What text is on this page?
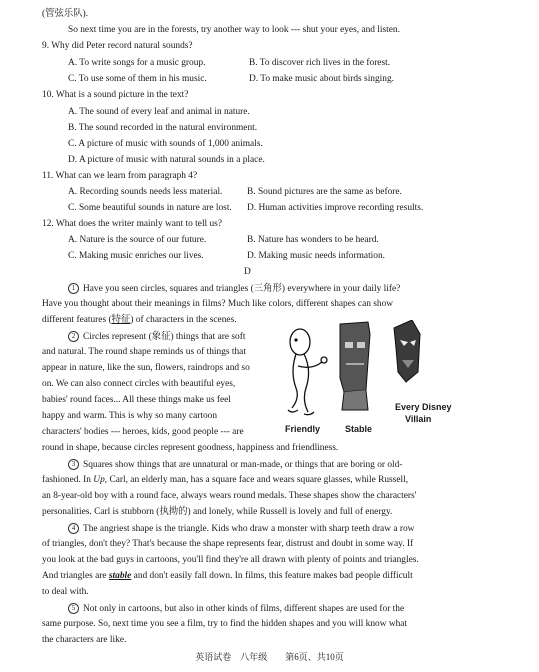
(管弦乐队).
So next time you are in the forests, try another way to look --- shut your eyes, and listen.
9. Why did Peter record natural sounds?
A. To write songs for a music group.	B. To discover rich lives in the forest.
C. To use some of them in his music.	D. To make music about birds singing.
10. What is a sound picture in the text?
A. The sound of every leaf and animal in nature.
B. The sound recorded in the natural environment.
C. A picture of music with sounds of 1,000 animals.
D. A picture of music with natural sounds in a place.
11. What can we learn from paragraph 4?
A. Recording sounds needs less material.	B. Sound pictures are the same as before.
C. Some beautiful sounds in nature are lost. D. Human activities improve recording results.
12. What does the writer mainly want to tell us?
A. Nature is the source of our future.	B. Nature has wonders to be heard.
C. Making music enriches our lives.	D. Making music needs information.
D
1 Have you seen circles, squares and triangles (三角形) everywhere in your daily life?
Have you thought about their meanings in films? Much like colors, different shapes can show
different features (特征) of characters in the scenes.
2 Circles represent (象征) things that are soft
and natural. The round shape reminds us of things that
appear in nature, like the sun, flowers, raindrops and so
on. We can also connect circles with beautiful eyes,
babies' round faces... All these things make us feel
happy and warm. This is why so many cartoon
characters' bodies --- heroes, kids, good people --- are
round in shape, because circles represent goodness, happiness and friendliness.
Friendly	Stable
Every Disney
Villain
3 Squares show things that are unnatural or man-made, or things that are boring or old-
fashioned. In Up, Carl, an elderly man, has a square face and wears square glasses, while Russell,
an 8-year-old boy with a round face, always wears round medals. These shapes show the characters'
personalities. Carl is stubborn (执拗的) and lonely, while Russell is lovely and full of energy.
4 The angriest shape is the triangle. Kids who draw a monster with sharp teeth draw a row
of triangles, don't they? That's because the shape represents fear, distrust and doubt in some way. If
you look at the bad guys in cartoons, you'll find they're all drawn with plenty of points and triangles.
And triangles are stable and don't easily fall down. In films, this feature makes bad people difficult
to deal with.
5 Not only in cartoons, but also in other kinds of films, different shapes are used for the
same purpose. So, next time you see a film, try to find the hidden shapes and you will know what
the characters are like.
英语试卷　八年级　　第6页、共10页
